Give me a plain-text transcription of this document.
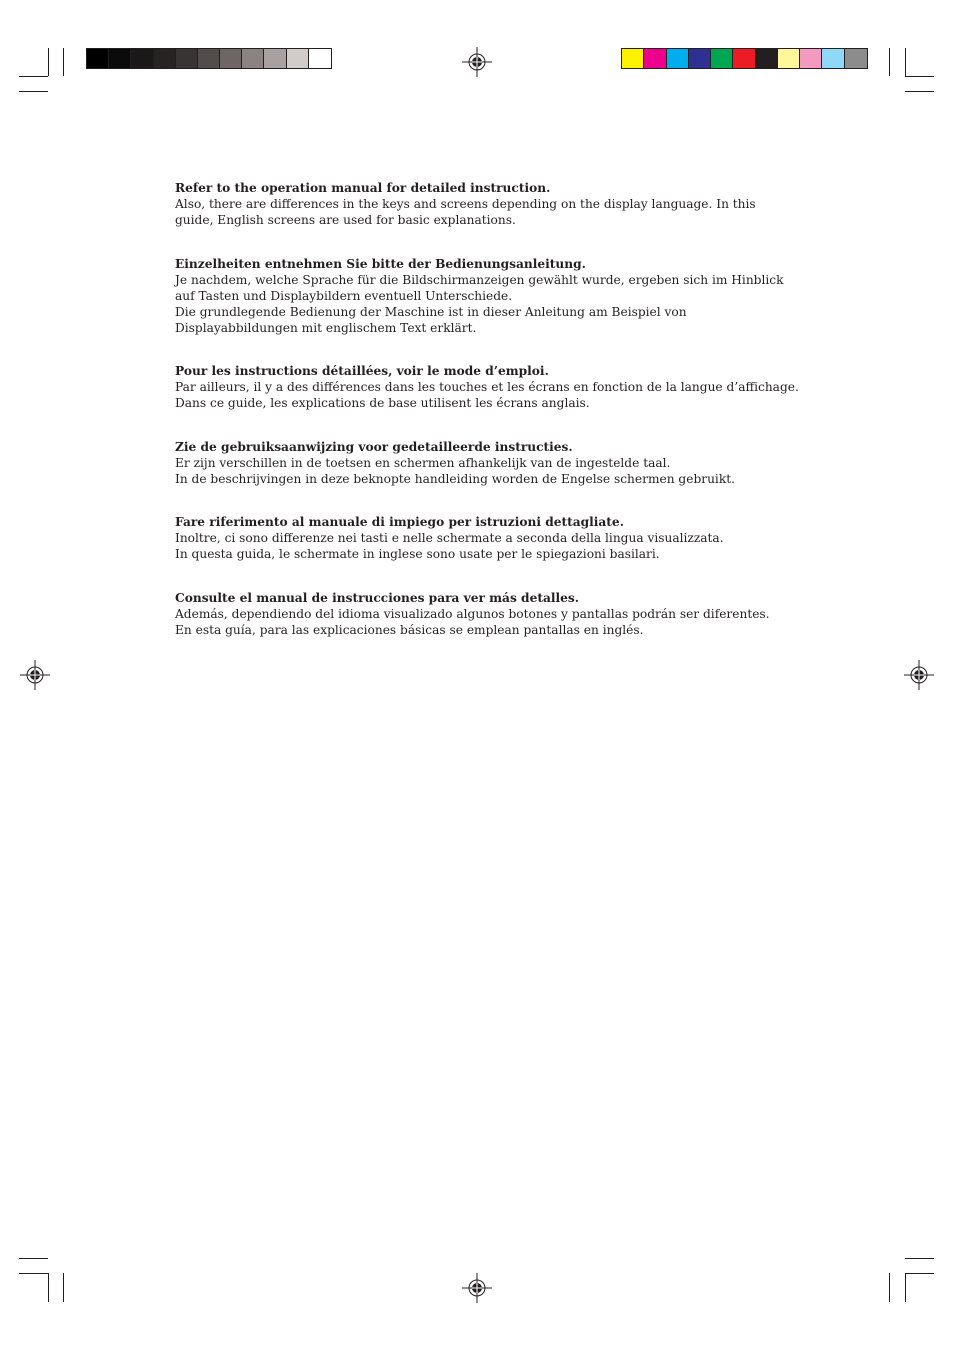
Refer to the operation manual for detailed instruction.
Also, there are differences in the keys and screens depending on the display language. In this
guide, English screens are used for basic explanations.
Einzelheiten entnehmen Sie bitte der Bedienungsanleitung.
Je nachdem, welche Sprache für die Bildschirmanzeigen gewählt wurde, ergeben sich im Hinblick
auf Tasten und Displaybildern eventuell Unterschiede.
Die grundlegende Bedienung der Maschine ist in dieser Anleitung am Beispiel von
Displayabbildungen mit englischem Text erklärt.
Pour les instructions détaillées, voir le mode d’emploi.
Par ailleurs, il y a des différences dans les touches et les écrans en fonction de la langue d’affichage.
Dans ce guide, les explications de base utilisent les écrans anglais.
Zie de gebruiksaanwijzing voor gedetailleerde instructies.
Er zijn verschillen in de toetsen en schermen afhankelijk van de ingestelde taal.
In de beschrijvingen in deze beknopte handleiding worden de Engelse schermen gebruikt.
Fare riferimento al manuale di impiego per istruzioni dettagliate.
Inoltre, ci sono differenze nei tasti e nelle schermate a seconda della lingua visualizzata.
In questa guida, le schermate in inglese sono usate per le spiegazioni basilari.
Consulte el manual de instrucciones para ver más detalles.
Además, dependiendo del idioma visualizado algunos botones y pantallas podrán ser diferentes.
En esta guía, para las explicaciones básicas se emplean pantallas en inglés.
